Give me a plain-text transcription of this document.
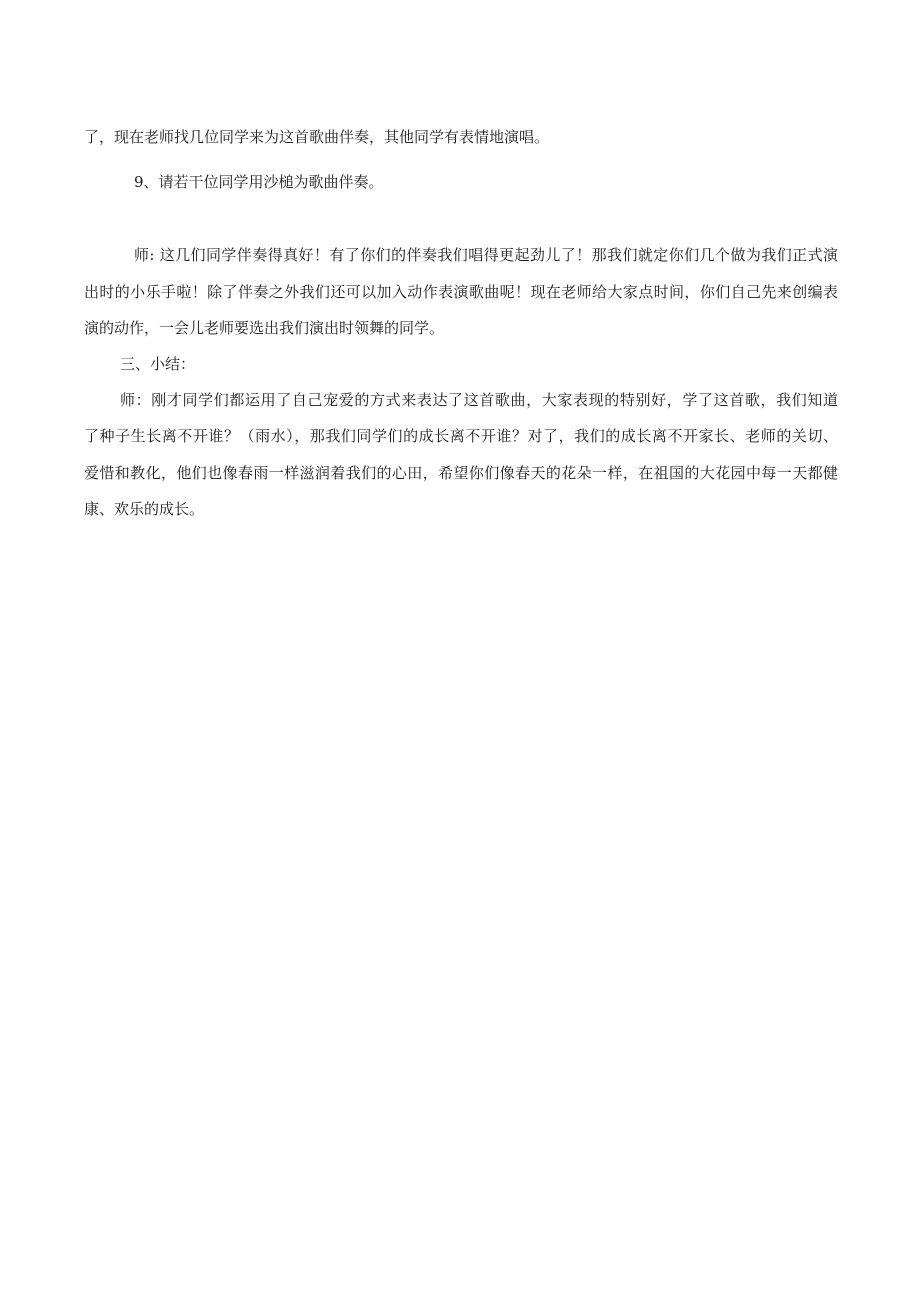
了，现在老师找几位同学来为这首歌曲伴奏，其他同学有表情地演唱。
9、请若干位同学用沙槌为歌曲伴奏。
师: 这几们同学伴奏得真好！有了你们的伴奏我们唱得更起劲儿了！那我们就定你们几个做为我们正式演
出时的小乐手啦！除了伴奏之外我们还可以加入动作表演歌曲呢！现在老师给大家点时间，你们自己先来创编表
演的动作，一会儿老师要选出我们演出时领舞的同学。
三、小结：
师：刚才同学们都运用了自己宠爱的方式来表达了这首歌曲，大家表现的特别好，学了这首歌，我们知道
了种子生长离不开谁？（雨水），那我们同学们的成长离不开谁？对了，我们的成长离不开家长、老师的关切、
爱惜和教化，他们也像春雨一样滋润着我们的心田，希望你们像春天的花朵一样，在祖国的大花园中每一天都健
康、欢乐的成长。
